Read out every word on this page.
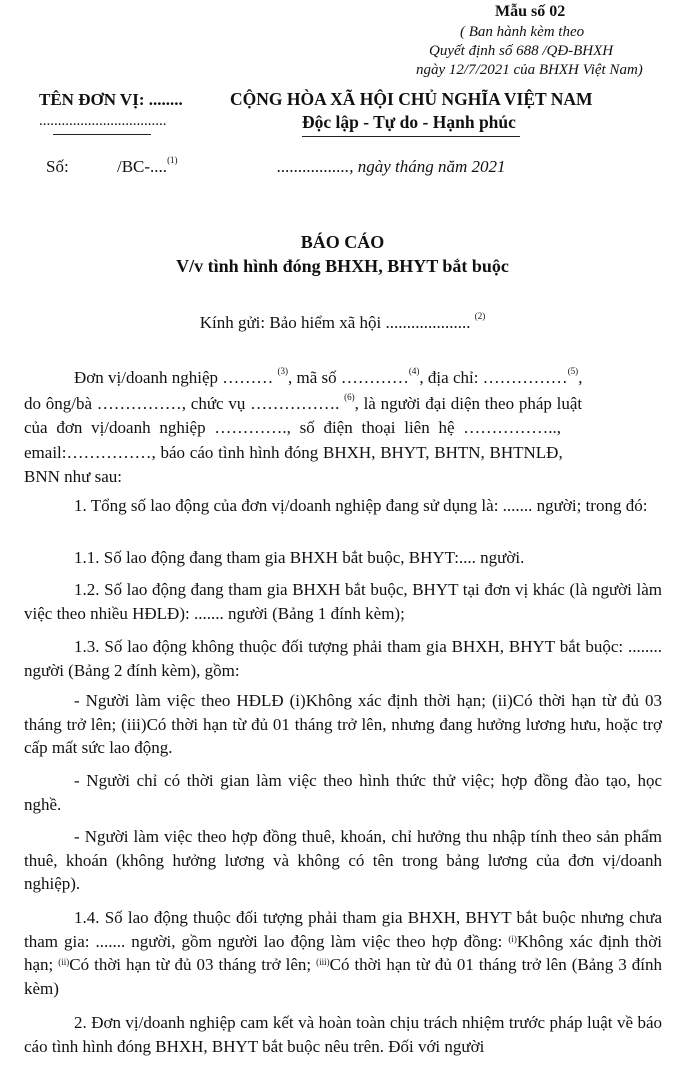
Mẫu số 02
( Ban hành kèm theo
Quyết định số 688 /QĐ-BHXH
ngày 12/7/2021 của BHXH Việt Nam)
TÊN ĐƠN VỊ: ........
..................................
CỘNG HÒA XÃ HỘI CHỦ NGHĨA VIỆT NAM
Độc lập - Tự do - Hạnh phúc
Số:	/BC-....$^{(1)}$	................., ngày tháng năm 2021
BÁO CÁO
V/v tình hình đóng BHXH, BHYT bắt buộc
Kính gửi: Bảo hiểm xã hội .................... $^{(2)}$
Đơn vị/doanh nghiệp ……… $^{(3)}$, mã số …………$^{(4)}$, địa chỉ: ……………$^{(5)}$,
do ông/bà ……………, chức vụ ……………. $^{(6)}$, là người đại diện theo pháp luật
của đơn vị/doanh nghiệp …………., số điện thoại liên hệ ……………..,
email:……………, báo cáo tình hình đóng BHXH, BHYT, BHTN, BHTNLĐ,
BNN như sau:

1. Tổng số lao động của đơn vị/doanh nghiệp đang sử dụng là: ....... người; trong đó:

1.1. Số lao động đang tham gia BHXH bắt buộc, BHYT:.... người.

1.2. Số lao động đang tham gia BHXH bắt buộc, BHYT tại đơn vị khác (là người làm việc theo nhiều HĐLĐ): ....... người (Bảng 1 đính kèm);

1.3. Số lao động không thuộc đối tượng phải tham gia BHXH, BHYT bắt buộc: ........ người (Bảng 2 đính kèm), gồm:

- Người làm việc theo HĐLĐ (i)Không xác định thời hạn; (ii)Có thời hạn từ đủ 03 tháng trở lên; (iii)Có thời hạn từ đủ 01 tháng trở lên, nhưng đang hưởng lương hưu, hoặc trợ cấp mất sức lao động.

- Người chỉ có thời gian làm việc theo hình thức thử việc; hợp đồng đào tạo, học nghề.

- Người làm việc theo hợp đồng thuê, khoán, chỉ hưởng thu nhập tính theo sản phẩm thuê, khoán (không hưởng lương và không có tên trong bảng lương của đơn vị/doanh nghiệp).

1.4. Số lao động thuộc đối tượng phải tham gia BHXH, BHYT bắt buộc nhưng chưa tham gia: ....... người, gồm người lao động làm việc theo hợp đồng: $^{(i)}$Không xác định thời hạn; $^{(ii)}$Có thời hạn từ đủ 03 tháng trở lên; $^{(iii)}$Có thời hạn từ đủ 01 tháng trở lên (Bảng 3 đính kèm)

2. Đơn vị/doanh nghiệp cam kết và hoàn toàn chịu trách nhiệm trước pháp luật về báo cáo tình hình đóng BHXH, BHYT bắt buộc nêu trên. Đối với người
